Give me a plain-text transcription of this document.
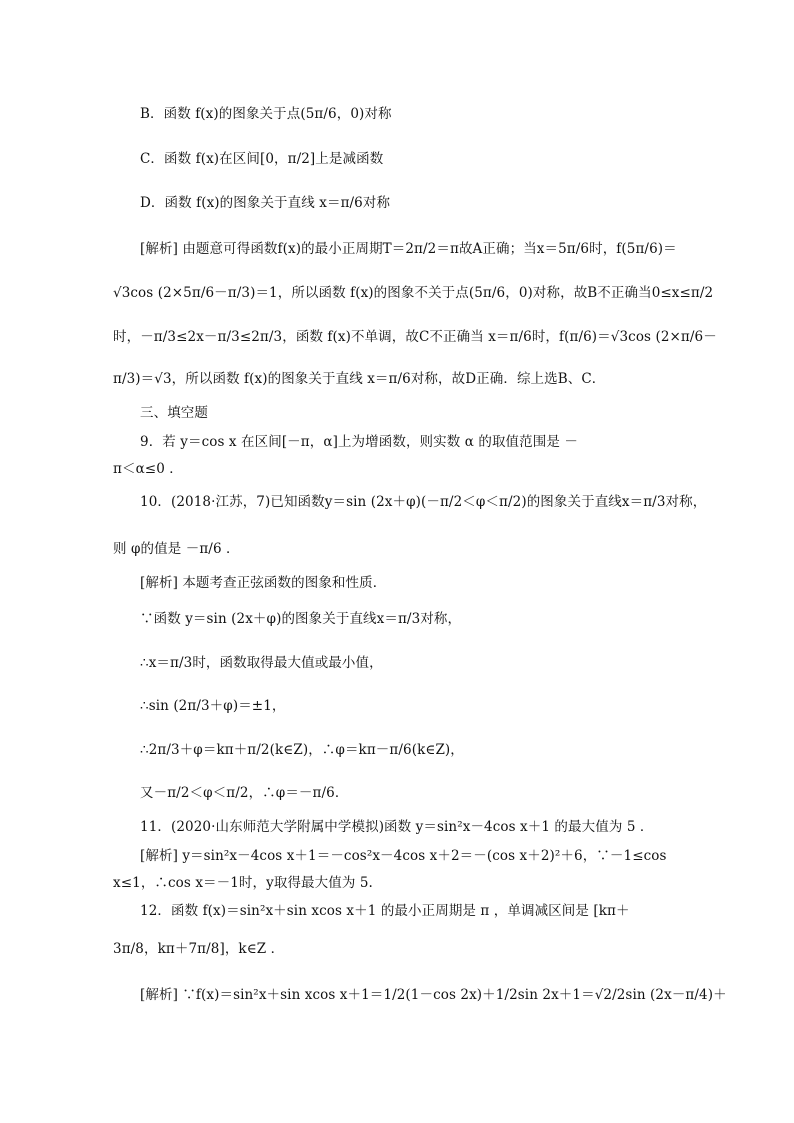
B．函数 f(x)的图象关于点(5π/6，0)对称
C．函数 f(x)在区间[0，π/2]上是减函数
D．函数 f(x)的图象关于直线 x＝π/6对称
[解析] 由题意可得函数f(x)的最小正周期T＝2π/2＝π故A正确；当x＝5π/6时，f(5π/6)＝
√3cos (2×5π/6－π/3)＝1，所以函数 f(x)的图象不关于点(5π/6，0)对称，故B不正确当0≤x≤π/2
时，－π/3≤2x－π/3≤2π/3，函数 f(x)不单调，故C不正确当 x＝π/6时，f(π/6)＝√3cos (2×π/6－
π/3)＝√3，所以函数 f(x)的图象关于直线 x＝π/6对称，故D正确．综上选B、C．
三、填空题
9．若 y＝cos x 在区间[－π，α]上为增函数，则实数 α 的取值范围是 －
π＜α≤0 ．
10．(2018·江苏，7)已知函数y＝sin (2x＋φ)(－π/2＜φ＜π/2)的图象关于直线x＝π/3对称，
则 φ的值是 －π/6 ．
[解析] 本题考查正弦函数的图象和性质．
∵函数 y＝sin (2x＋φ)的图象关于直线x＝π/3对称，
∴x＝π/3时，函数取得最大值或最小值，
∴sin (2π/3＋φ)＝±1，
∴2π/3＋φ＝kπ＋π/2(k∈Z)，∴φ＝kπ－π/6(k∈Z)，
又－π/2＜φ＜π/2，∴φ＝－π/6．
11．(2020·山东师范大学附属中学模拟)函数 y＝sin²x－4cos x＋1 的最大值为 5 ．
[解析] y＝sin²x－4cos x＋1＝－cos²x－4cos x＋2＝－(cos x＋2)²＋6，∵－1≤cos
x≤1，∴cos x＝－1时，y取得最大值为 5.
12．函数 f(x)＝sin²x＋sin xcos x＋1 的最小正周期是 π ，单调减区间是 [kπ＋
3π/8，kπ＋7π/8]，k∈Z ．
[解析] ∵f(x)＝sin²x＋sin xcos x＋1＝1/2(1－cos 2x)＋1/2sin 2x＋1＝√2/2sin (2x－π/4)＋
